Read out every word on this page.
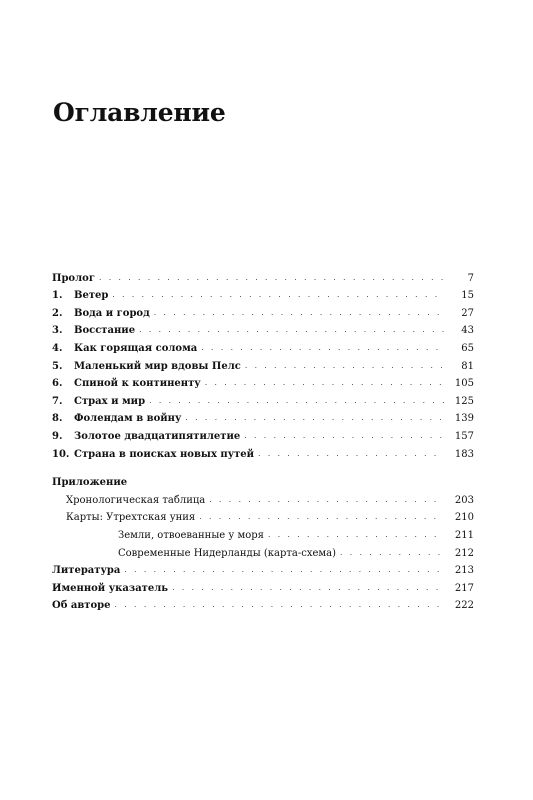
Оглавление
Пролог . . .	7
1.	Ветер . . .	15
2.	Вода и город . . .	27
3.	Восстание . . .	43
4.	Как горящая солома . . .	65
5.	Маленький мир вдовы Пелс . . .	81
6.	Спиной к континенту . . .	105
7.	Страх и мир . . .	125
8.	Фолендам в войну . . .	139
9.	Золотое двадцатипятилетие . . .	157
10. Страна в поисках новых путей . . .	183
Приложение
Хронологическая таблица . . .	203
Карты: Утрехтская уния . . .	210
Земли, отвоеванные у моря . . .	211
Современные Нидерланды (карта-схема) . . .	212
Литература . . .	213
Именной указатель . . .	217
Об авторе . . .	222
